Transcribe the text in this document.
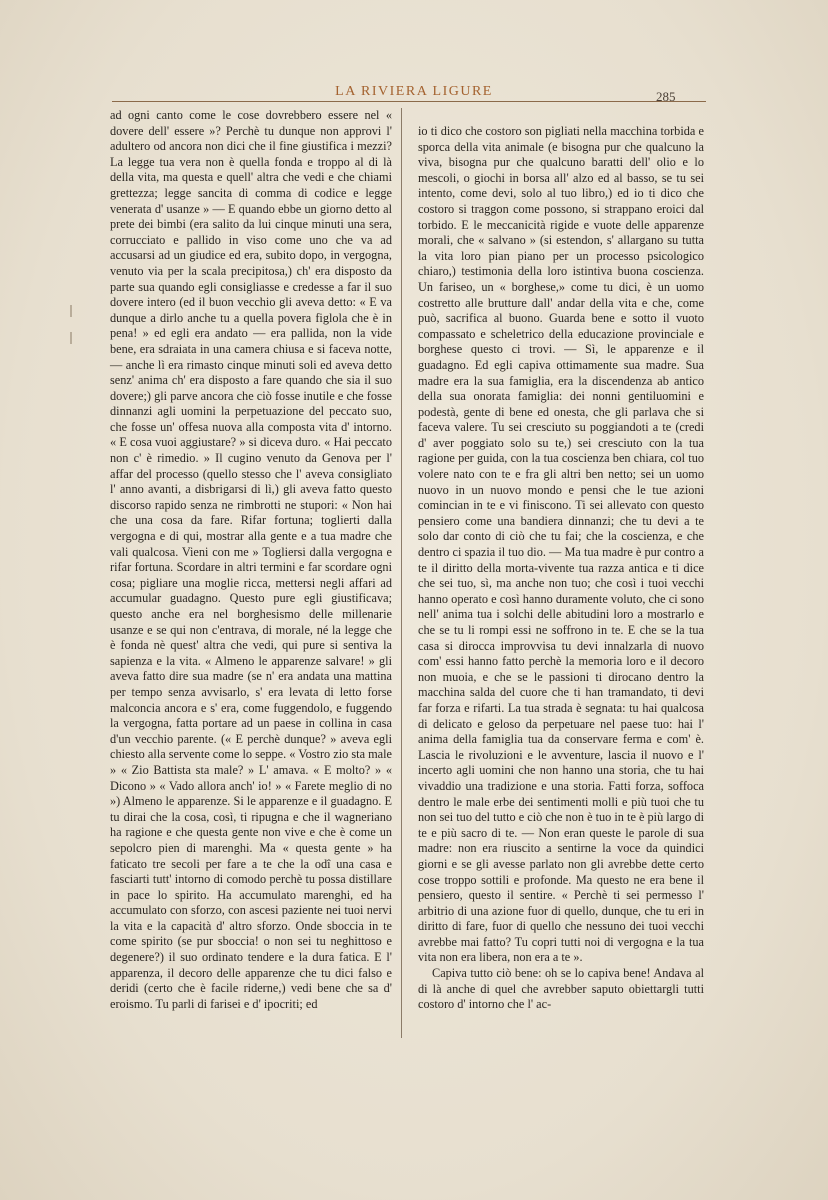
LA RIVIERA LIGURE	285

ad ogni canto come le cose dovrebbero essere nel « dovere dell' essere »? Perchè tu dunque non approvi l' adultero od ancora non dici che il fine giustifica i mezzi? La legge tua vera non è quella fonda e troppo al di là della vita, ma questa e quell' altra che vedi e che chiami grettezza; legge sancita di comma di codice e legge venerata d' usanze » — E quando ebbe un giorno detto al prete dei bimbi (era salito da lui cinque minuti una sera, corrucciato e pallido in viso come uno che va ad accusarsi ad un giudice ed era, subito dopo, in vergogna, venuto via per la scala precipitosa,) ch' era disposto da parte sua quando egli consigliasse e credesse a far il suo dovere intero (ed il buon vecchio gli aveva detto: « E va dunque a dirlo anche tu a quella povera figlola che è in pena! » ed egli era andato — era pallida, non la vide bene, era sdraiata in una camera chiusa e si faceva notte, — anche lì era rimasto cinque minuti soli ed aveva detto senz' anima ch' era disposto a fare quando che sia il suo dovere;) gli parve ancora che ciò fosse inutile e che fosse dinnanzi agli uomini la perpetuazione del peccato suo, che fosse un' offesa nuova alla composta vita d' intorno. « E cosa vuoi aggiustare? » si diceva duro. « Hai peccato non c' è rimedio. » Il cugino venuto da Genova per l' affar del processo (quello stesso che l' aveva consigliato l' anno avanti, a disbrigarsi di lì,) gli aveva fatto questo discorso rapido senza ne rimbrotti ne stupori: « Non hai che una cosa da fare. Rifar fortuna; toglierti dalla vergogna e di qui, mostrar alla gente e a tua madre che vali qualcosa. Vieni con me » Togliersi dalla vergogna e rifar fortuna. Scordare in altri termini e far scordare ogni cosa; pigliare una moglie ricca, mettersi negli affari ad accumular guadagno. Questo pure egli giustificava; questo anche era nel borghesismo delle millenarie usanze e se qui non c'entrava, di morale, né la legge che è fonda nè quest' altra che vedi, qui pure si sentiva la sapienza e la vita. « Almeno le apparenze salvare! » gli aveva fatto dire sua madre (se n' era andata una mattina per tempo senza avvisarlo, s' era levata di letto forse malconcia ancora e s' era, come fuggendolo, e fuggendo la vergogna, fatta portare ad un paese in collina in casa d'un vecchio parente. (« E perchè dunque? » aveva egli chiesto alla servente come lo seppe. « Vostro zio sta male » « Zio Battista sta male? » L' amava. « E molto? » « Dicono » « Vado allora anch' io! » « Farete meglio di no ») Almeno le apparenze. Si le apparenze e il guadagno. E tu dirai che la cosa, così, ti ripugna e che il wagneriano ha ragione e che questa gente non vive e che è come un sepolcro pien di marenghi. Ma « questa gente » ha faticato tre secoli per fare a te che la odî una casa e fasciarti tutt' intorno di comodo perchè tu possa distillare in pace lo spirito. Ha accumulato marenghi, ed ha accumulato con sforzo, con ascesi paziente nei tuoi nervi la vita e la capacità d' altro sforzo. Onde sboccia in te come spirito (se pur sboccia! o non sei tu neghittoso e degenere?) il suo ordinato tendere e la dura fatica. E l' apparenza, il decoro delle apparenze che tu dici falso e deridi (certo che è facile riderne,) vedi bene che sa d' eroismo. Tu parli di farisei e d' ipocriti; ed

io ti dico che costoro son pigliati nella macchina torbida e sporca della vita animale (e bisogna pur che qualcuno la viva, bisogna pur che qualcuno baratti dell' olio e lo mescoli, o giochi in borsa all' alzo ed al basso, se tu sei intento, come devi, solo al tuo libro,) ed io ti dico che costoro si traggon come possono, si strappano eroici dal torbido. E le meccanicità rigide e vuote delle apparenze morali, che « salvano » (si estendon, s' allargano su tutta la vita loro pian piano per un processo psicologico chiaro,) testimonia della loro istintiva buona coscienza. Un fariseo, un « borghese,» come tu dici, è un uomo costretto alle brutture dall' andar della vita e che, come può, sacrifica al buono. Guarda bene e sotto il vuoto compassato e scheletrico della educazione provinciale e borghese questo ci trovi. — Sì, le apparenze e il guadagno. Ed egli capiva ottimamente sua madre. Sua madre era la sua famiglia, era la discendenza ab antico della sua onorata famiglia: dei nonni gentiluomini e podestà, gente di bene ed onesta, che gli parlava che si faceva valere. Tu sei cresciuto su poggiandoti a te (credi d' aver poggiato solo su te,) sei cresciuto con la tua ragione per guida, con la tua coscienza ben chiara, col tuo volere nato con te e fra gli altri ben netto; sei un uomo nuovo in un nuovo mondo e pensi che le tue azioni comincian in te e vi finiscono. Ti sei allevato con questo pensiero come una bandiera dinnanzi; che tu devi a te solo dar conto di ciò che tu fai; che la coscienza, e che dentro ci spazia il tuo dio. — Ma tua madre è pur contro a te il diritto della morta-vivente tua razza antica e ti dice che sei tuo, sì, ma anche non tuo; che così i tuoi vecchi hanno operato e così hanno duramente voluto, che ci sono nell' anima tua i solchi delle abitudini loro a mostrarlo e che se tu li rompi essi ne soffrono in te. E che se la tua casa si dirocca improvvisa tu devi innalzarla di nuovo com' essi hanno fatto perchè la memoria loro e il decoro non muoia, e che se le passioni ti dirocano dentro la macchina salda del cuore che ti han tramandato, ti devi far forza e rifarti. La tua strada è segnata: tu hai qualcosa di delicato e geloso da perpetuare nel paese tuo: hai l' anima della famiglia tua da conservare ferma e com' è. Lascia le rivoluzioni e le avventure, lascia il nuovo e l' incerto agli uomini che non hanno una storia, che tu hai vivaddio una tradizione e una storia. Fatti forza, soffoca dentro le male erbe dei sentimenti molli e più tuoi che tu non sei tuo del tutto e ciò che non è tuo in te è più largo di te e più sacro di te. — Non eran queste le parole di sua madre: non era riuscito a sentirne la voce da quindici giorni e se gli avesse parlato non gli avrebbe dette certo cose troppo sottili e profonde. Ma questo ne era bene il pensiero, questo il sentire. « Perchè ti sei permesso l' arbitrio di una azione fuor di quello, dunque, che tu eri in diritto di fare, fuor di quello che nessuno dei tuoi vecchi avrebbe mai fatto? Tu copri tutti noi di vergogna e la tua vita non era libera, non era a te ».

Capiva tutto ciò bene: oh se lo capiva bene! Andava al di là anche di quel che avrebber saputo obiettargli tutti costoro d' intorno che l' ac-
